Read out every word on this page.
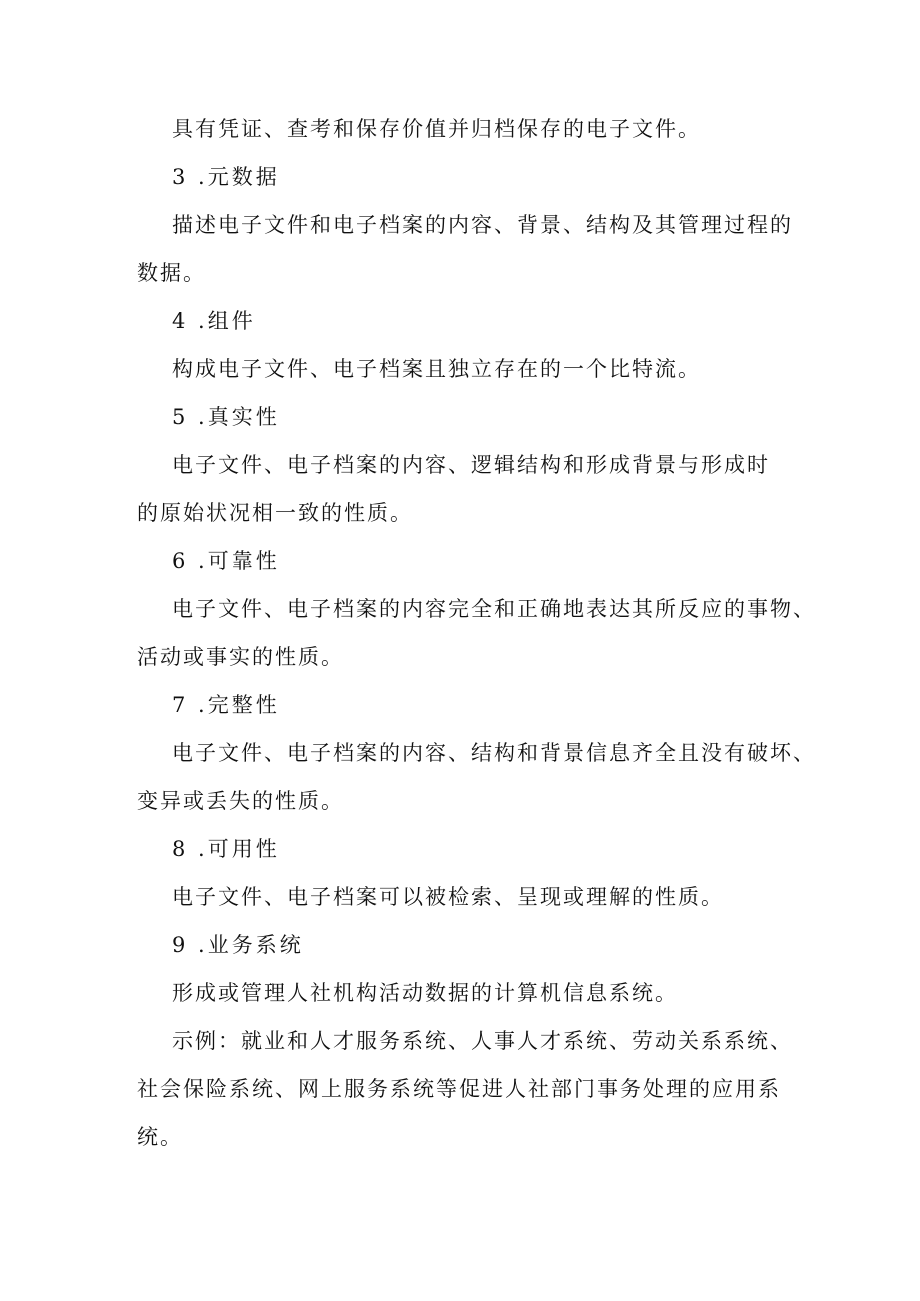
具有凭证、查考和保存价值并归档保存的电子文件。
3 .元数据
描述电子文件和电子档案的内容、背景、结构及其管理过程的
数据。
4 .组件
构成电子文件、电子档案且独立存在的一个比特流。
5 .真实性
电子文件、电子档案的内容、逻辑结构和形成背景与形成时
的原始状况相一致的性质。
6 .可靠性
电子文件、电子档案的内容完全和正确地表达其所反应的事物、
活动或事实的性质。
7 .完整性
电子文件、电子档案的内容、结构和背景信息齐全且没有破坏、
变异或丢失的性质。
8 .可用性
电子文件、电子档案可以被检索、呈现或理解的性质。
9 .业务系统
形成或管理人社机构活动数据的计算机信息系统。
示例：就业和人才服务系统、人事人才系统、劳动关系系统、
社会保险系统、网上服务系统等促进人社部门事务处理的应用系
统。
